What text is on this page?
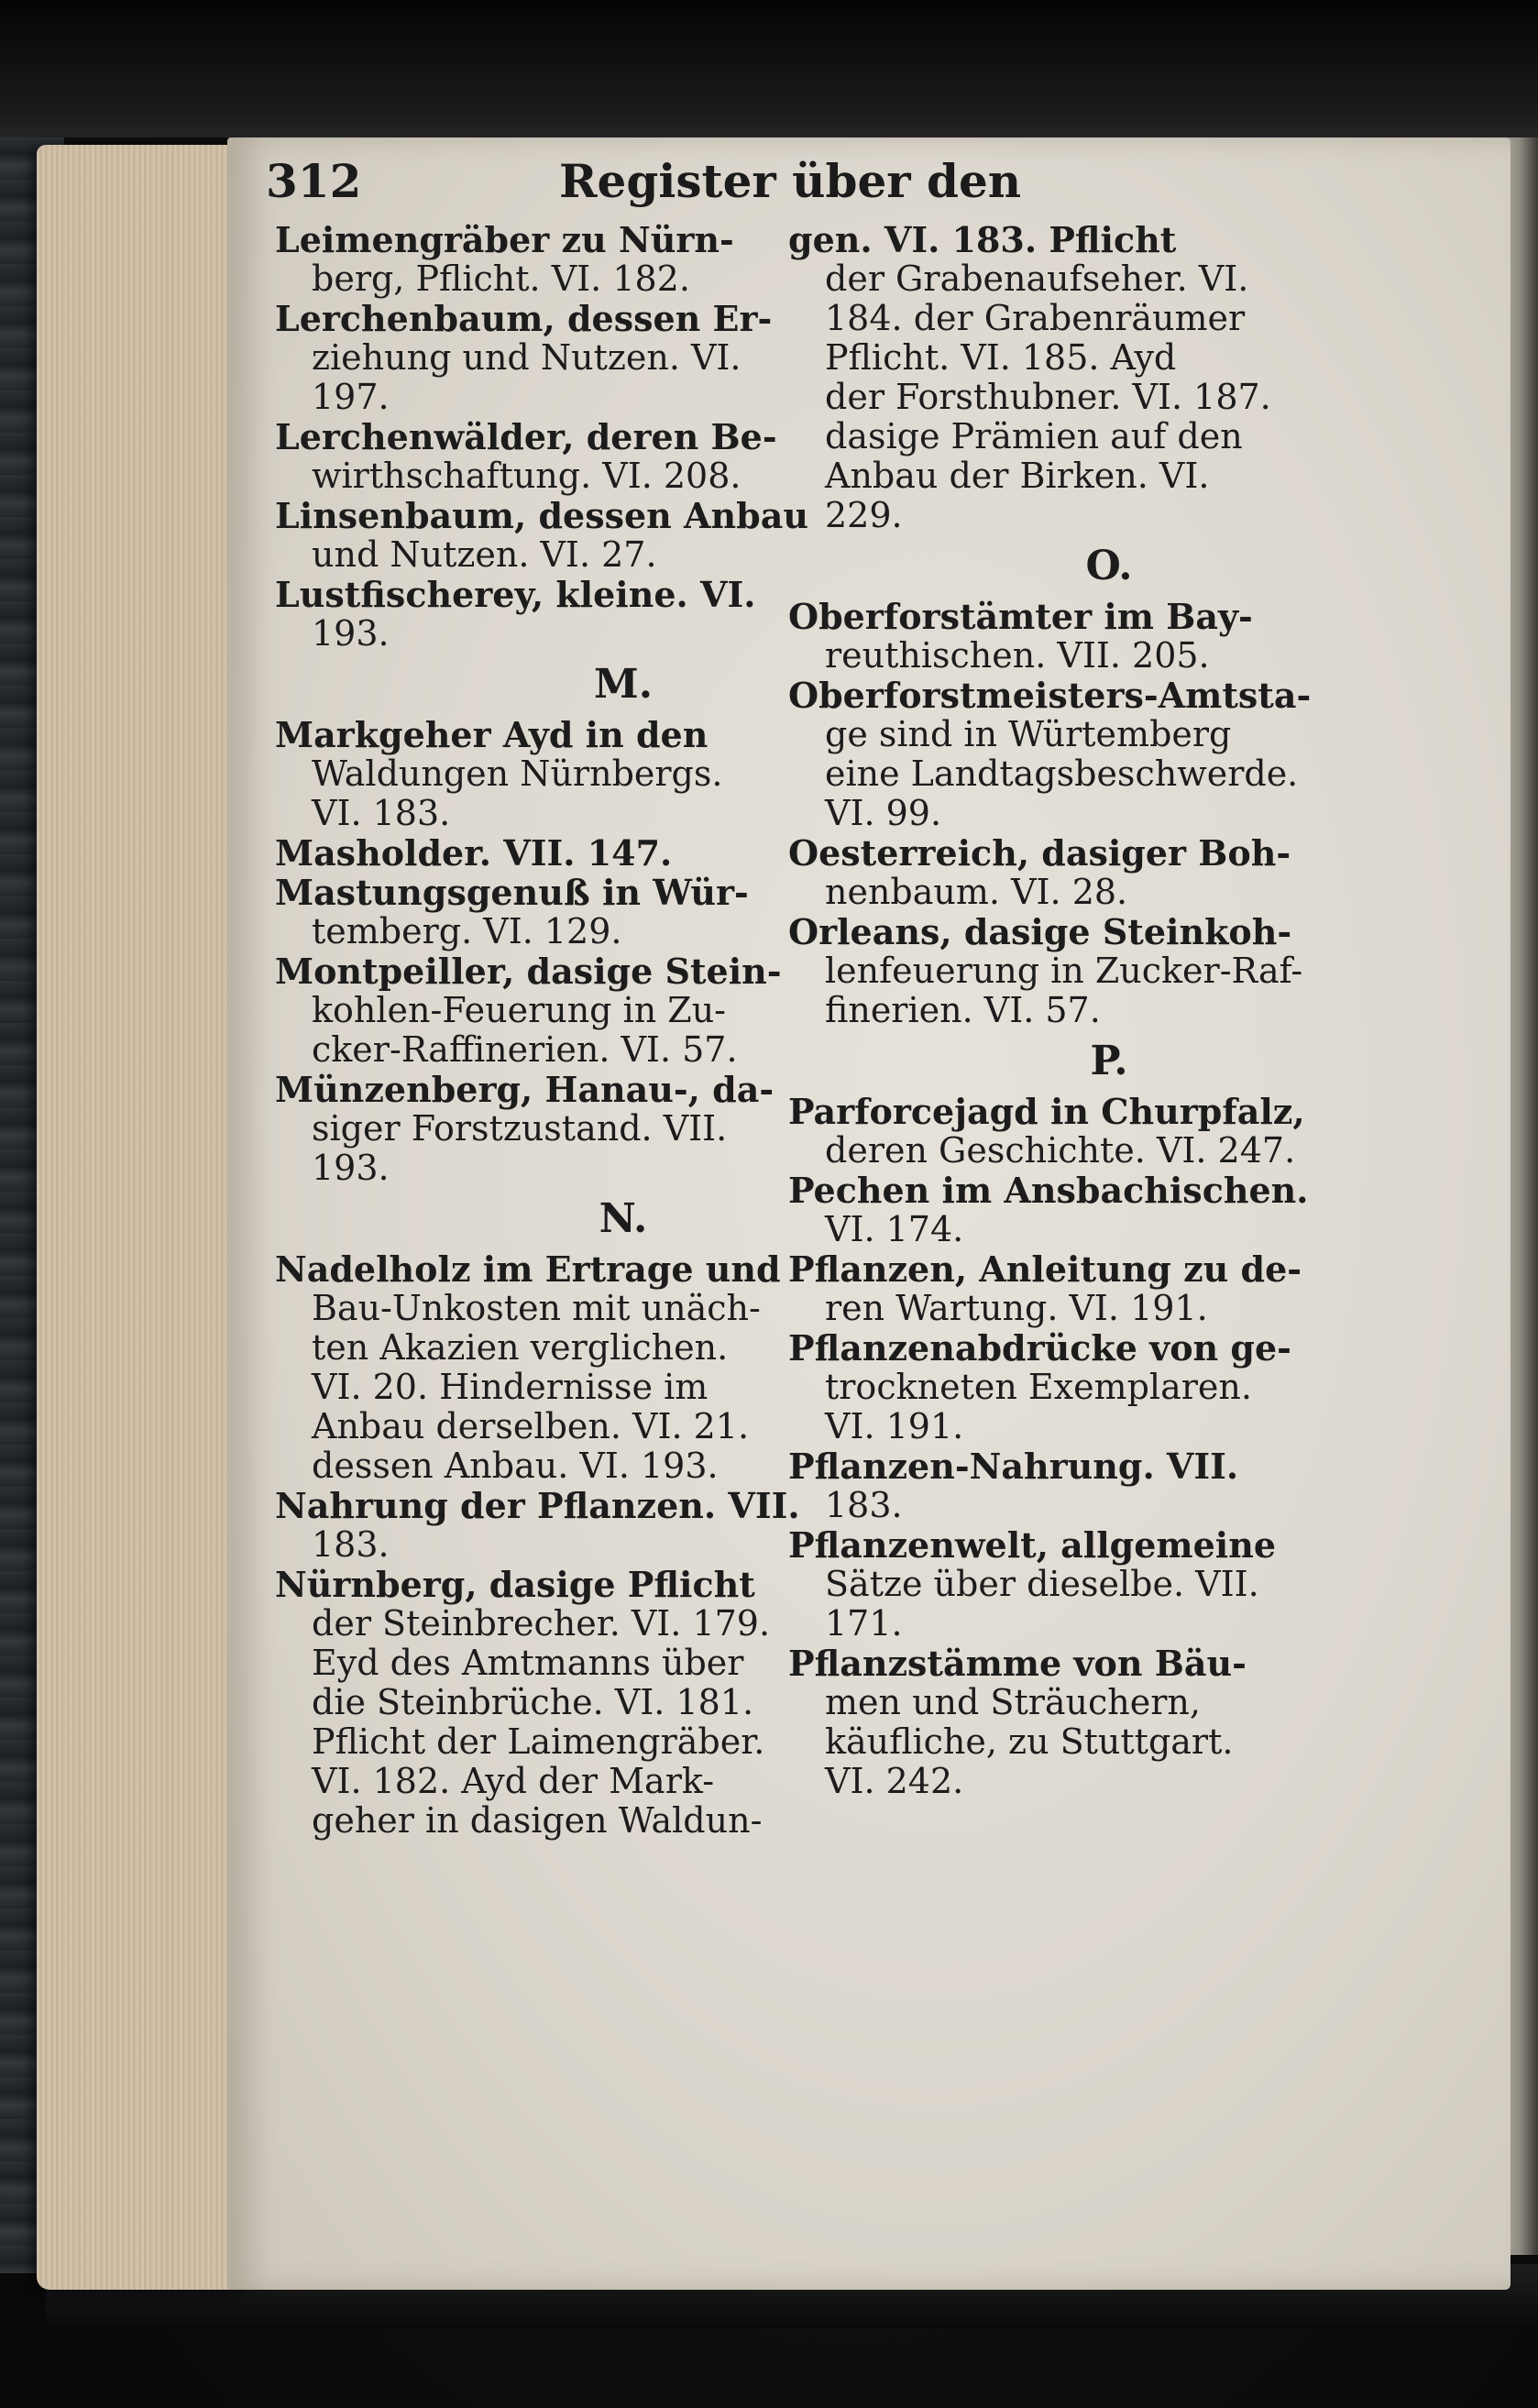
312	Register über den
Leimengräber zu Nürn-
berg, Pflicht. VI. 182.
Lerchenbaum, dessen Er-
ziehung und Nutzen. VI.
197.
Lerchenwälder, deren Be-
wirthschaftung. VI. 208.
Linsenbaum, dessen Anbau
und Nutzen. VI. 27.
Lustfischerey, kleine. VI.
193.
M.
Markgeher Ayd in den
Waldungen Nürnbergs.
VI. 183.
Masholder. VII. 147.
Mastungsgenuß in Wür-
temberg. VI. 129.
Montpeiller, dasige Stein-
kohlen-Feuerung in Zu-
cker-Raffinerien. VI. 57.
Münzenberg, Hanau-, da-
siger Forstzustand. VII.
193.
N.
Nadelholz im Ertrage und
Bau-Unkosten mit unäch-
ten Akazien verglichen.
VI. 20. Hindernisse im
Anbau derselben. VI. 21.
dessen Anbau. VI. 193.
Nahrung der Pflanzen. VII.
183.
Nürnberg, dasige Pflicht
der Steinbrecher. VI. 179.
Eyd des Amtmanns über
die Steinbrüche. VI. 181.
Pflicht der Laimengräber.
VI. 182. Ayd der Mark-
geher in dasigen Waldun-
gen. VI. 183. Pflicht
der Grabenaufseher. VI.
184. der Grabenräumer
Pflicht. VI. 185. Ayd
der Forsthubner. VI. 187.
dasige Prämien auf den
Anbau der Birken. VI.
229.
O.
Oberforstämter im Bay-
reuthischen. VII. 205.
Oberforstmeisters-Amtsta-
ge sind in Würtemberg
eine Landtagsbeschwerde.
VI. 99.
Oesterreich, dasiger Boh-
nenbaum. VI. 28.
Orleans, dasige Steinkoh-
lenfeuerung in Zucker-Raf-
finerien. VI. 57.
P.
Parforcejagd in Churpfalz,
deren Geschichte. VI. 247.
Pechen im Ansbachischen.
VI. 174.
Pflanzen, Anleitung zu de-
ren Wartung. VI. 191.
Pflanzenabdrücke von ge-
trockneten Exemplaren.
VI. 191.
Pflanzen-Nahrung. VII.
183.
Pflanzenwelt, allgemeine
Sätze über dieselbe. VII.
171.
Pflanzstämme von Bäu-
men und Sträuchern,
käufliche, zu Stuttgart.
VI. 242.
